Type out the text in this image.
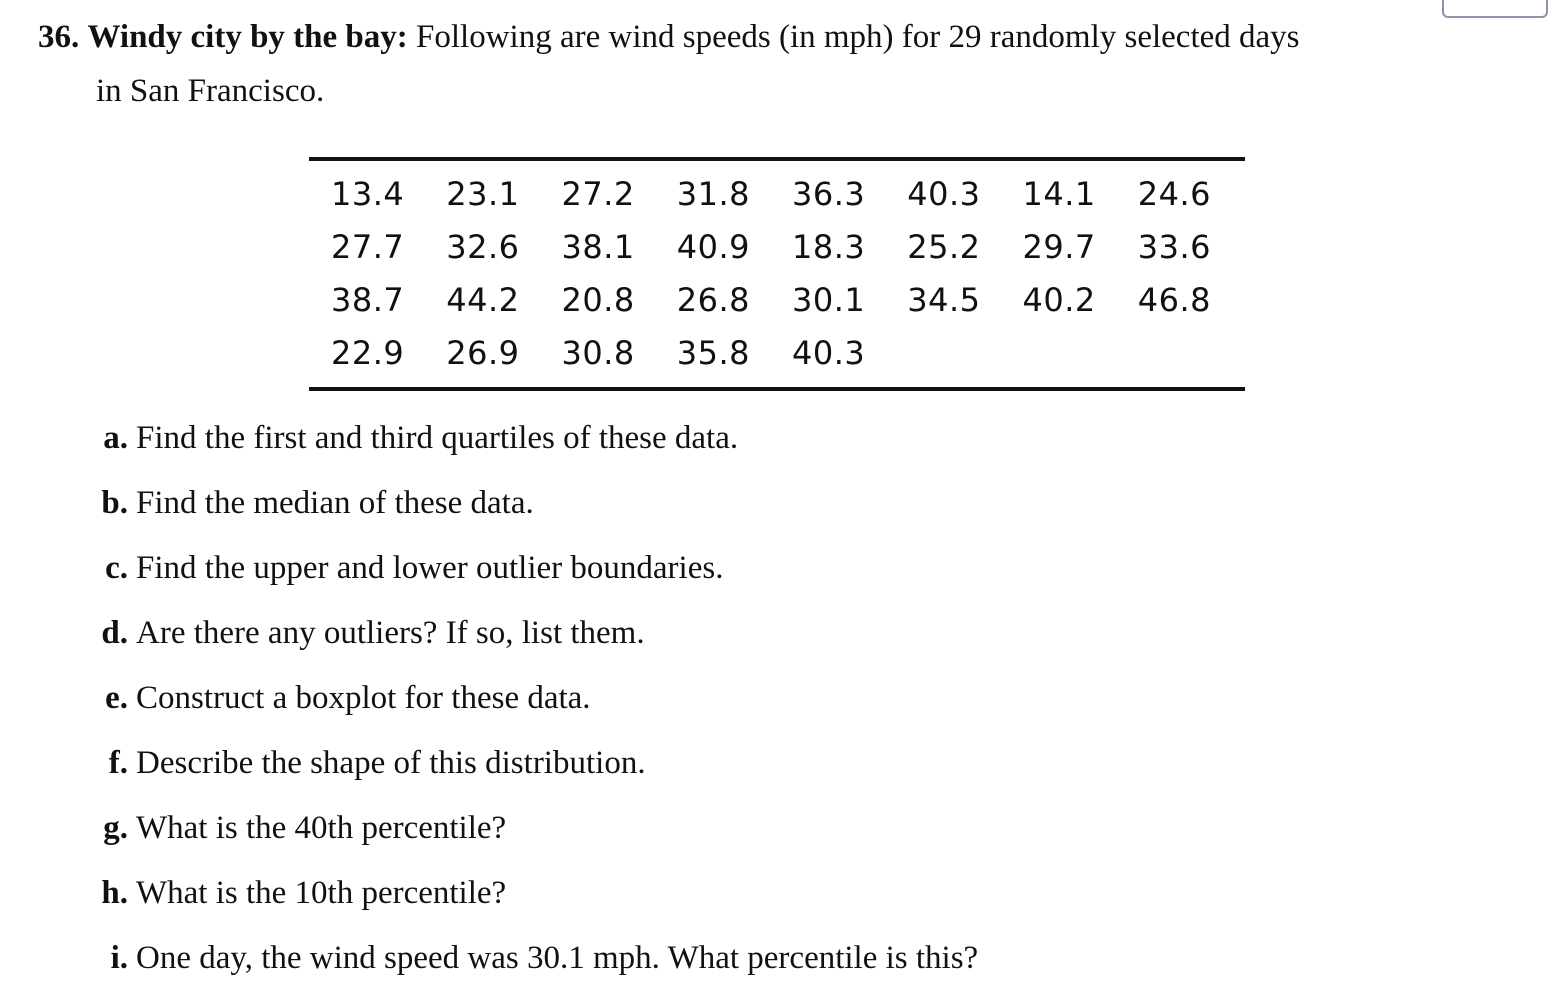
36. Windy city by the bay: Following are wind speeds (in mph) for 29 randomly selected days
in San Francisco.
13.4	23.1	27.2	31.8	36.3	40.3	14.1	24.6
27.7	32.6	38.1	40.9	18.3	25.2	29.7	33.6
38.7	44.2	20.8	26.8	30.1	34.5	40.2	46.8
22.9	26.9	30.8	35.8	40.3			
a. Find the first and third quartiles of these data.
b. Find the median of these data.
c. Find the upper and lower outlier boundaries.
d. Are there any outliers? If so, list them.
e. Construct a boxplot for these data.
f. Describe the shape of this distribution.
g. What is the 40th percentile?
h. What is the 10th percentile?
i. One day, the wind speed was 30.1 mph. What percentile is this?
